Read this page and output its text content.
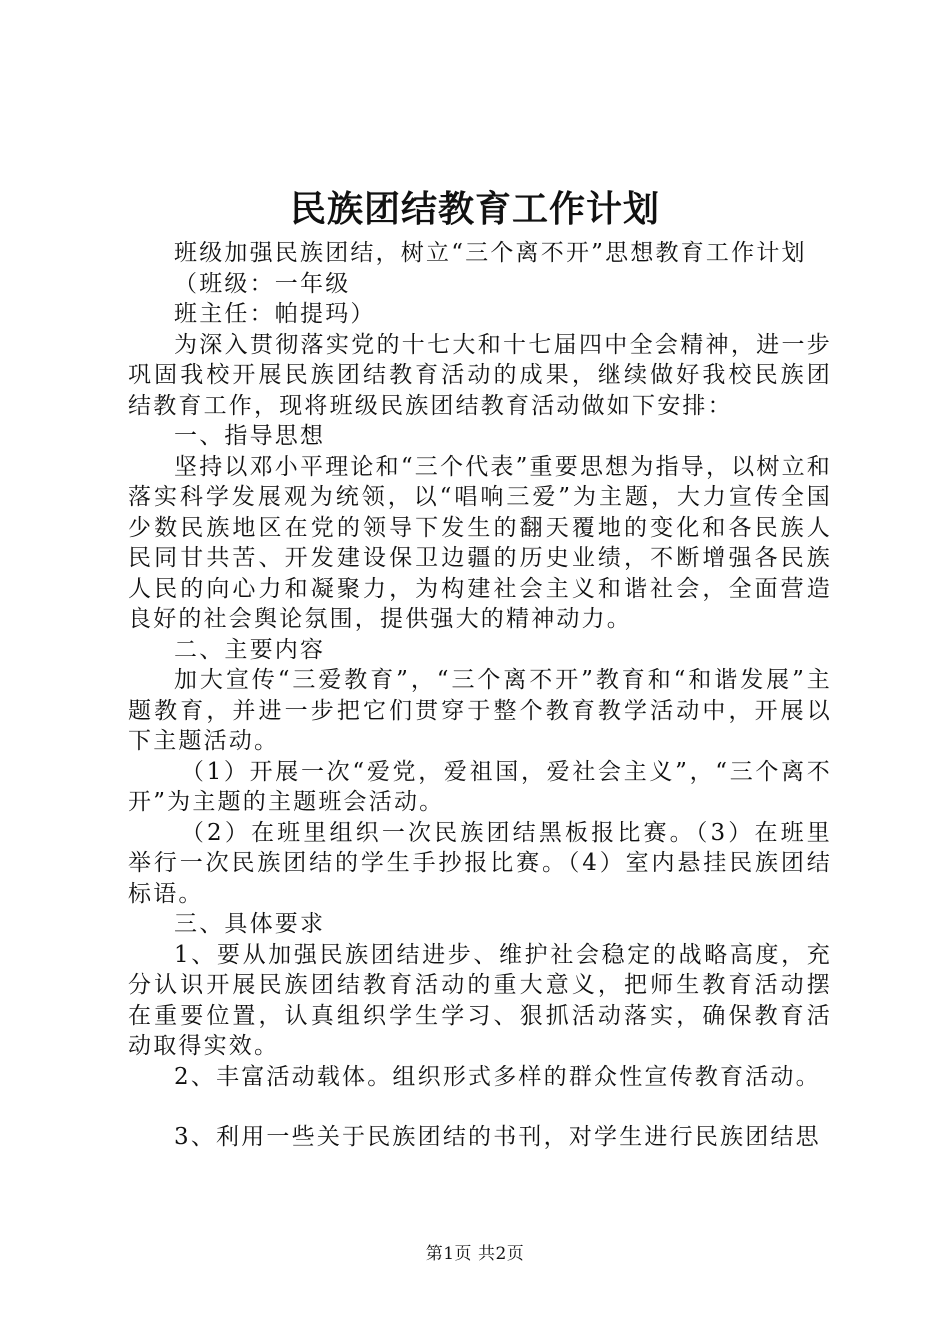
民族团结教育工作计划

班级加强民族团结，树立“三个离不开”思想教育工作计划

（班级：一年级

班主任：帕提玛）

为深入贯彻落实党的十七大和十七届四中全会精神，进一步巩固我校开展民族团结教育活动的成果，继续做好我校民族团结教育工作，现将班级民族团结教育活动做如下安排：

一、指导思想

坚持以邓小平理论和“三个代表”重要思想为指导，以树立和落实科学发展观为统领，以“唱响三爱”为主题，大力宣传全国少数民族地区在党的领导下发生的翻天覆地的变化和各民族人民同甘共苦、开发建设保卫边疆的历史业绩，不断增强各民族人民的向心力和凝聚力，为构建社会主义和谐社会，全面营造良好的社会舆论氛围，提供强大的精神动力。

二、主要内容

加大宣传“三爱教育”，“三个离不开”教育和“和谐发展”主题教育，并进一步把它们贯穿于整个教育教学活动中，开展以下主题活动。

（1）开展一次“爱党，爱祖国，爱社会主义”，“三个离不开”为主题的主题班会活动。

（2）在班里组织一次民族团结黑板报比赛。（3）在班里举行一次民族团结的学生手抄报比赛。（4）室内悬挂民族团结标语。

三、具体要求

1、要从加强民族团结进步、维护社会稳定的战略高度，充分认识开展民族团结教育活动的重大意义，把师生教育活动摆在重要位置，认真组织学生学习、狠抓活动落实，确保教育活动取得实效。

2、丰富活动载体。组织形式多样的群众性宣传教育活动。

3、利用一些关于民族团结的书刊，对学生进行民族团结思

第1页 共2页
